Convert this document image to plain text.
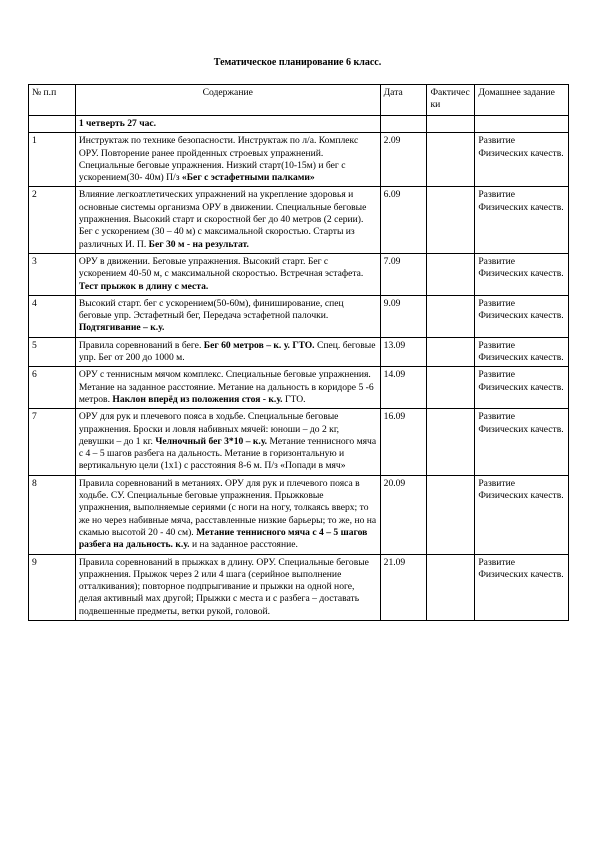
Тематическое планирование 6 класс.
№ п.п	Содержание	Дата	Фактичес ки	Домашнее задание
	1 четверть 27 час.			
1	Инструктаж по технике безопасности. Инструктаж по л/а. Комплекс ОРУ. Повторение ранее пройденных строевых упражнений. Специальные беговые упражнения. Низкий старт(10-15м) и бег с ускорением(30- 40м) П/з «Бег с эстафетными палками»	2.09		Развитие Физических качеств.
2	Влияние легкоатлетических упражнений на укрепление здоровья и основные системы организма ОРУ в движении. Специальные беговые упражнения. Высокий старт и скоростной бег до 40 метров (2 серии). Бег с ускорением (30 – 40 м) с максимальной скоростью. Старты из различных И. П. Бег 30 м - на результат.	6.09		Развитие Физических качеств.
3	ОРУ в движении. Беговые упражнения. Высокий старт. Бег с ускорением 40-50 м, с максимальной скоростью. Встречная эстафета. Тест прыжок в длину с места.	7.09		Развитие Физических качеств.
4	Высокий старт. бег с ускорением(50-60м), финиширование, спец беговые упр. Эстафетный бег, Передача эстафетной палочки. Подтягивание – к.у.	9.09		Развитие Физических качеств.
5	Правила соревнований в беге. Бег 60 метров – к. у. ГТО. Спец. беговые упр. Бег от 200 до 1000 м.	13.09		Развитие Физических качеств.
6	ОРУ с теннисным мячом комплекс. Специальные беговые упражнения. Метание на заданное расстояние. Метание на дальность в коридоре 5 -6 метров. Наклон вперёд из положения стоя - к.у. ГТО.	14.09		Развитие Физических качеств.
7	ОРУ для рук и плечевого пояса в ходьбе. Специальные беговые упражнения. Броски и ловля набивных мячей: юноши – до 2 кг, девушки – до 1 кг. Челночный бег 3*10 – к.у. Метание теннисного мяча с 4 – 5 шагов разбега на дальность. Метание в горизонтальную и вертикальную цели (1х1) с расстояния 8-6 м. П/з «Попади в мяч»	16.09		Развитие Физических качеств.
8	Правила соревнований в метаниях. ОРУ для рук и плечевого пояса в ходьбе. СУ. Специальные беговые упражнения. Прыжковые упражнения, выполняемые сериями (с ноги на ногу, толкаясь вверх; то же но через набивные мяча, расставленные низкие барьеры; то же, но на скамью высотой 20 - 40 см). Метание теннисного мяча с 4 – 5 шагов разбега на дальность. к.у. и на заданное расстояние.	20.09		Развитие Физических качеств.
9	Правила соревнований в прыжках в длину. ОРУ. Специальные беговые упражнения. Прыжок через 2 или 4 шага (серийное выполнение отталкивания); повторное подпрыгивание и прыжки на одной ноге, делая активный мах другой; Прыжки с места и с разбега – доставать подвешенные предметы, ветки рукой, головой.	21.09		Развитие Физических качеств.
